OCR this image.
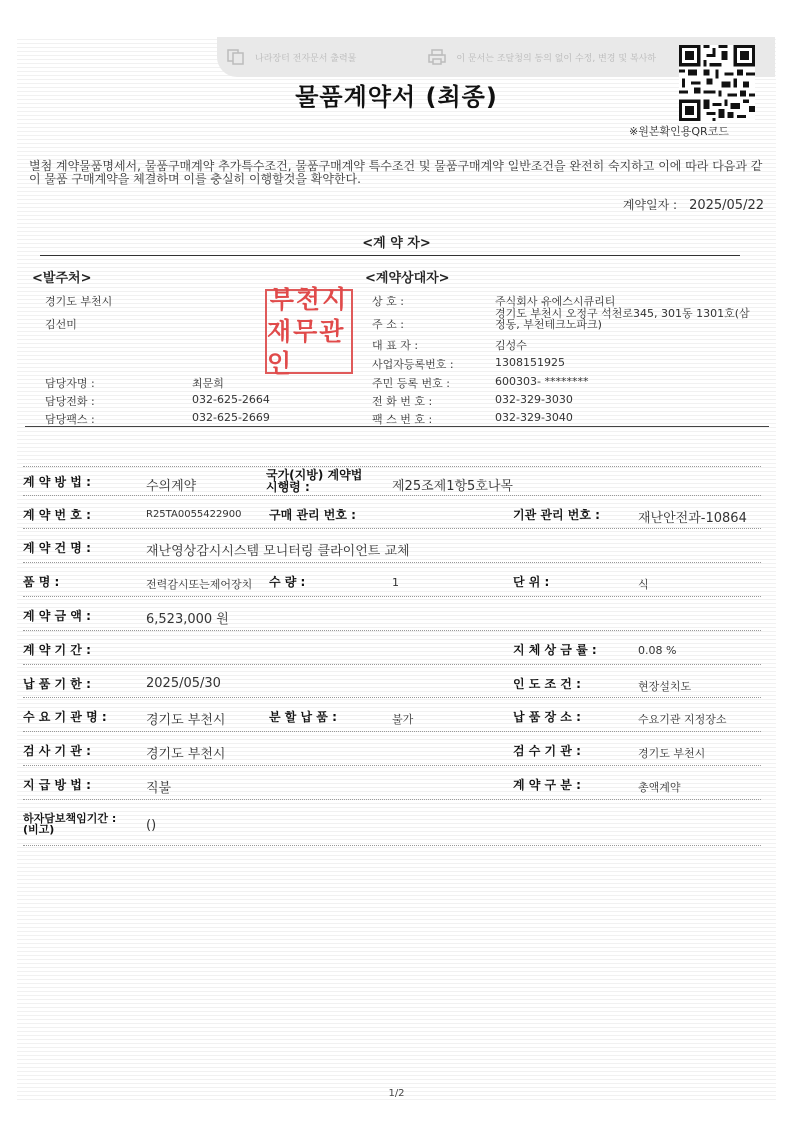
나라장터 전자문서 출력물	이 문서는 조달청의 동의 없이 수정, 변경 및 복사하
※원본확인용QR코드
물품계약서 (최종)
별첨 계약물품명세서, 물품구매계약 추가특수조건, 물품구매계약 특수조건 및 물품구매계약 일반조건을 완전히 숙지하고 이에 따라 다음과 같이 물품 구매계약을 체결하며 이를 충실히 이행할것을 확약한다.
계약일자 : 2025/05/22
<계 약 자>
<발주처>
경기도 부천시
김선미
부천시
재무관인
담당자명 :	최문희
담당전화 :	032-625-2664
담당팩스 :	032-625-2669
<계약상대자>
상 호 :	주식회사 유에스시큐리티
주 소 :
경기도 부천시 오정구 석천로345, 301동 1301호(삼정동, 부천테크노파크)
대 표 자 :	김성수
사업자등록번호 :	1308151925
주민 등록 번호 :	600303- ********
전 화 번 호 :	032-329-3030
팩 스 번 호 :	032-329-3040
계 약 방 법 :	수의계약
국가(지방) 계약법 시행령 :	제25조제1항5호나목
계 약 번 호 :	R25TA0055422900 구매 관리 번호 :	기관 관리 번호 :	재난안전과-10864
계 약 건 명 :	재난영상감시시스템 모니터링 클라이언트 교체
품 명 :	전력감시또는제어장치 수 량 :	1	단 위 :	식
계 약 금 액 :	6,523,000 원
계 약 기 간 :	지 체 상 금 률 :	0.08 %
납 품 기 한 :	2025/05/30	인 도 조 건 :	현장설치도
수 요 기 관 명 :	경기도 부천시	분 할 납 품 :	불가	납 품 장 소 :	수요기관 지정장소
검 사 기 관 :	경기도 부천시	검 수 기 관 :	경기도 부천시
지 급 방 법 :	직불	계 약 구 분 :	총액계약
하자담보책임기간 : (비고)	()
1/2
